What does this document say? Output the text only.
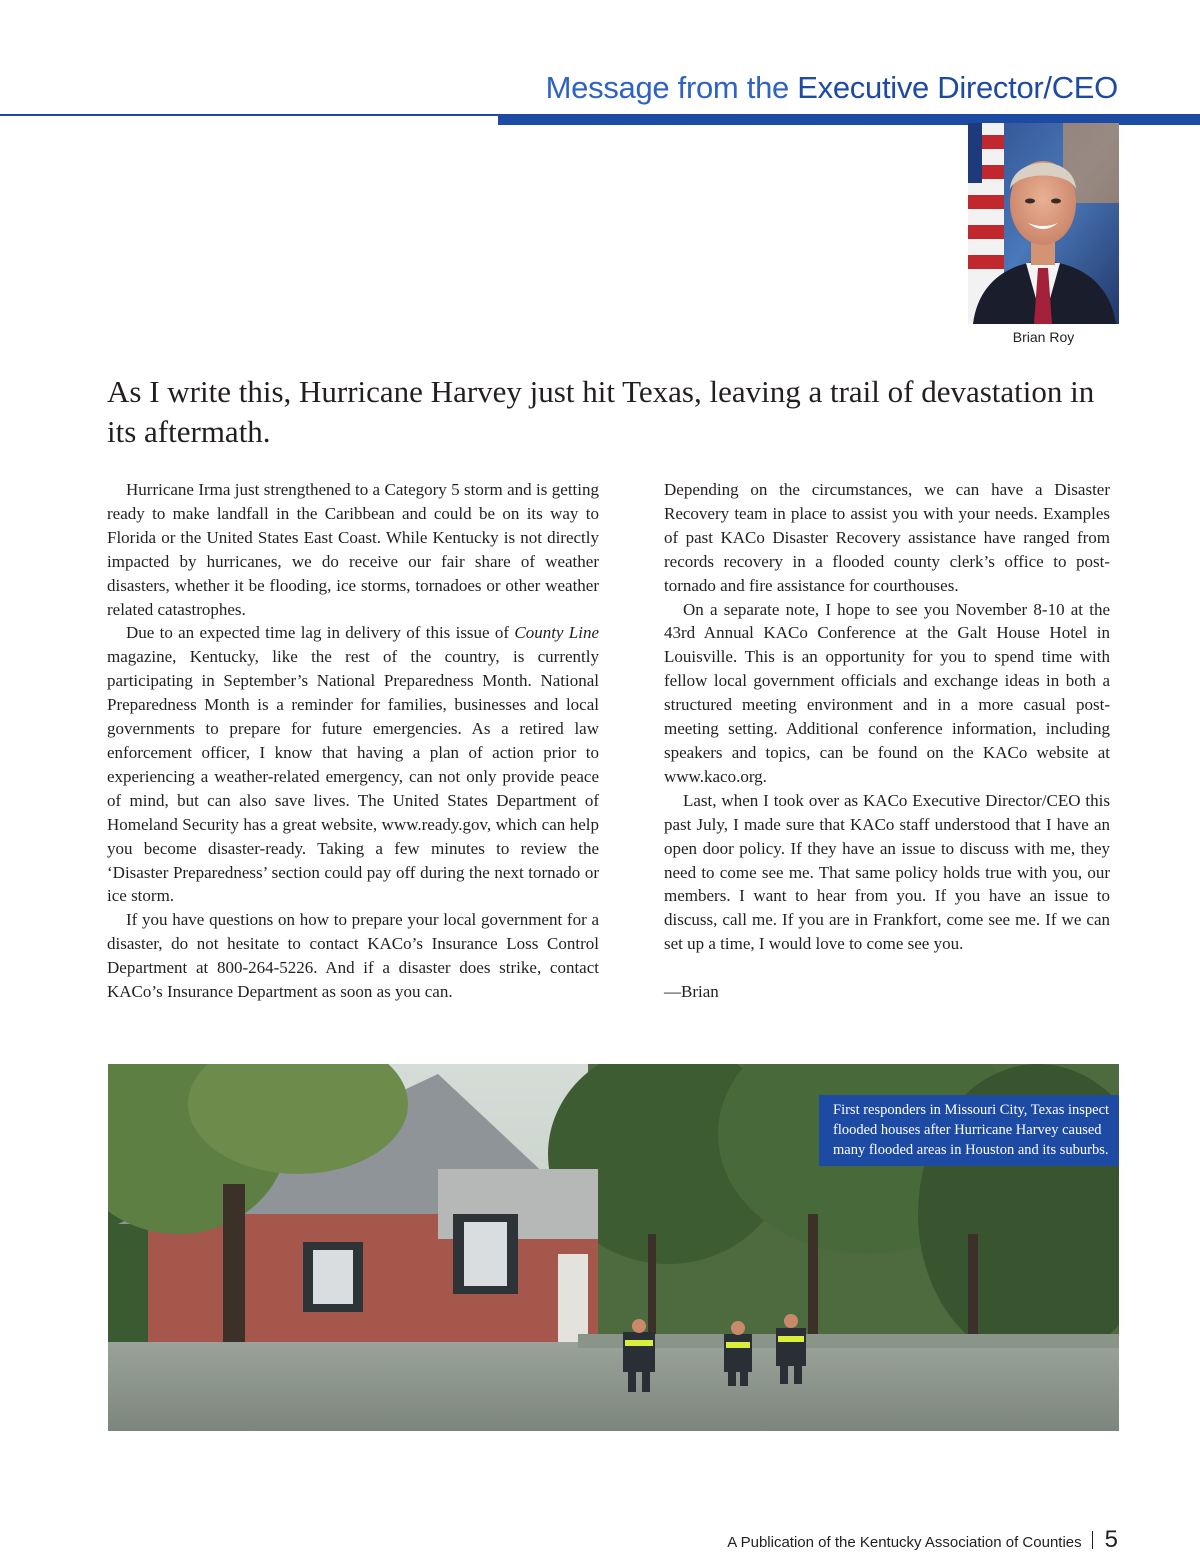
Message from the Executive Director/CEO
Brian Roy
As I write this, Hurricane Harvey just hit Texas, leaving a trail of devastation in its aftermath.

Hurricane Irma just strengthened to a Category 5 storm and is getting ready to make landfall in the Caribbean and could be on its way to Florida or the United States East Coast. While Kentucky is not directly impacted by hurricanes, we do receive our fair share of weather disasters, whether it be flooding, ice storms, tornadoes or other weather related catastrophes.

Due to an expected time lag in delivery of this issue of County Line magazine, Kentucky, like the rest of the country, is currently participating in September’s National Preparedness Month. National Preparedness Month is a reminder for families, businesses and local governments to prepare for future emergencies. As a retired law enforcement officer, I know that having a plan of action prior to experiencing a weather-related emergency, can not only provide peace of mind, but can also save lives. The United States Department of Homeland Security has a great website, www.ready.gov, which can help you become disaster-ready. Taking a few minutes to review the ‘Disaster Preparedness’ section could pay off during the next tornado or ice storm.

If you have questions on how to prepare your local government for a disaster, do not hesitate to contact KACo’s Insurance Loss Control Department at 800-264-5226. And if a disaster does strike, contact KACo’s Insurance Department as soon as you can.

Depending on the circumstances, we can have a Disaster Recovery team in place to assist you with your needs. Examples of past KACo Disaster Recovery assistance have ranged from records recovery in a flooded county clerk’s office to post-tornado and fire assistance for courthouses.

On a separate note, I hope to see you November 8-10 at the 43rd Annual KACo Conference at the Galt House Hotel in Louisville. This is an opportunity for you to spend time with fellow local government officials and exchange ideas in both a structured meeting environment and in a more casual post-meeting setting. Additional conference information, including speakers and topics, can be found on the KACo website at www.kaco.org.

Last, when I took over as KACo Executive Director/CEO this past July, I made sure that KACo staff understood that I have an open door policy. If they have an issue to discuss with me, they need to come see me. That same policy holds true with you, our members. I want to hear from you. If you have an issue to discuss, call me. If you are in Frankfort, come see me. If we can set up a time, I would love to come see you.

—Brian

First responders in Missouri City, Texas inspect flooded houses after Hurricane Harvey caused many flooded areas in Houston and its suburbs.
A Publication of the Kentucky Association of Counties 5
